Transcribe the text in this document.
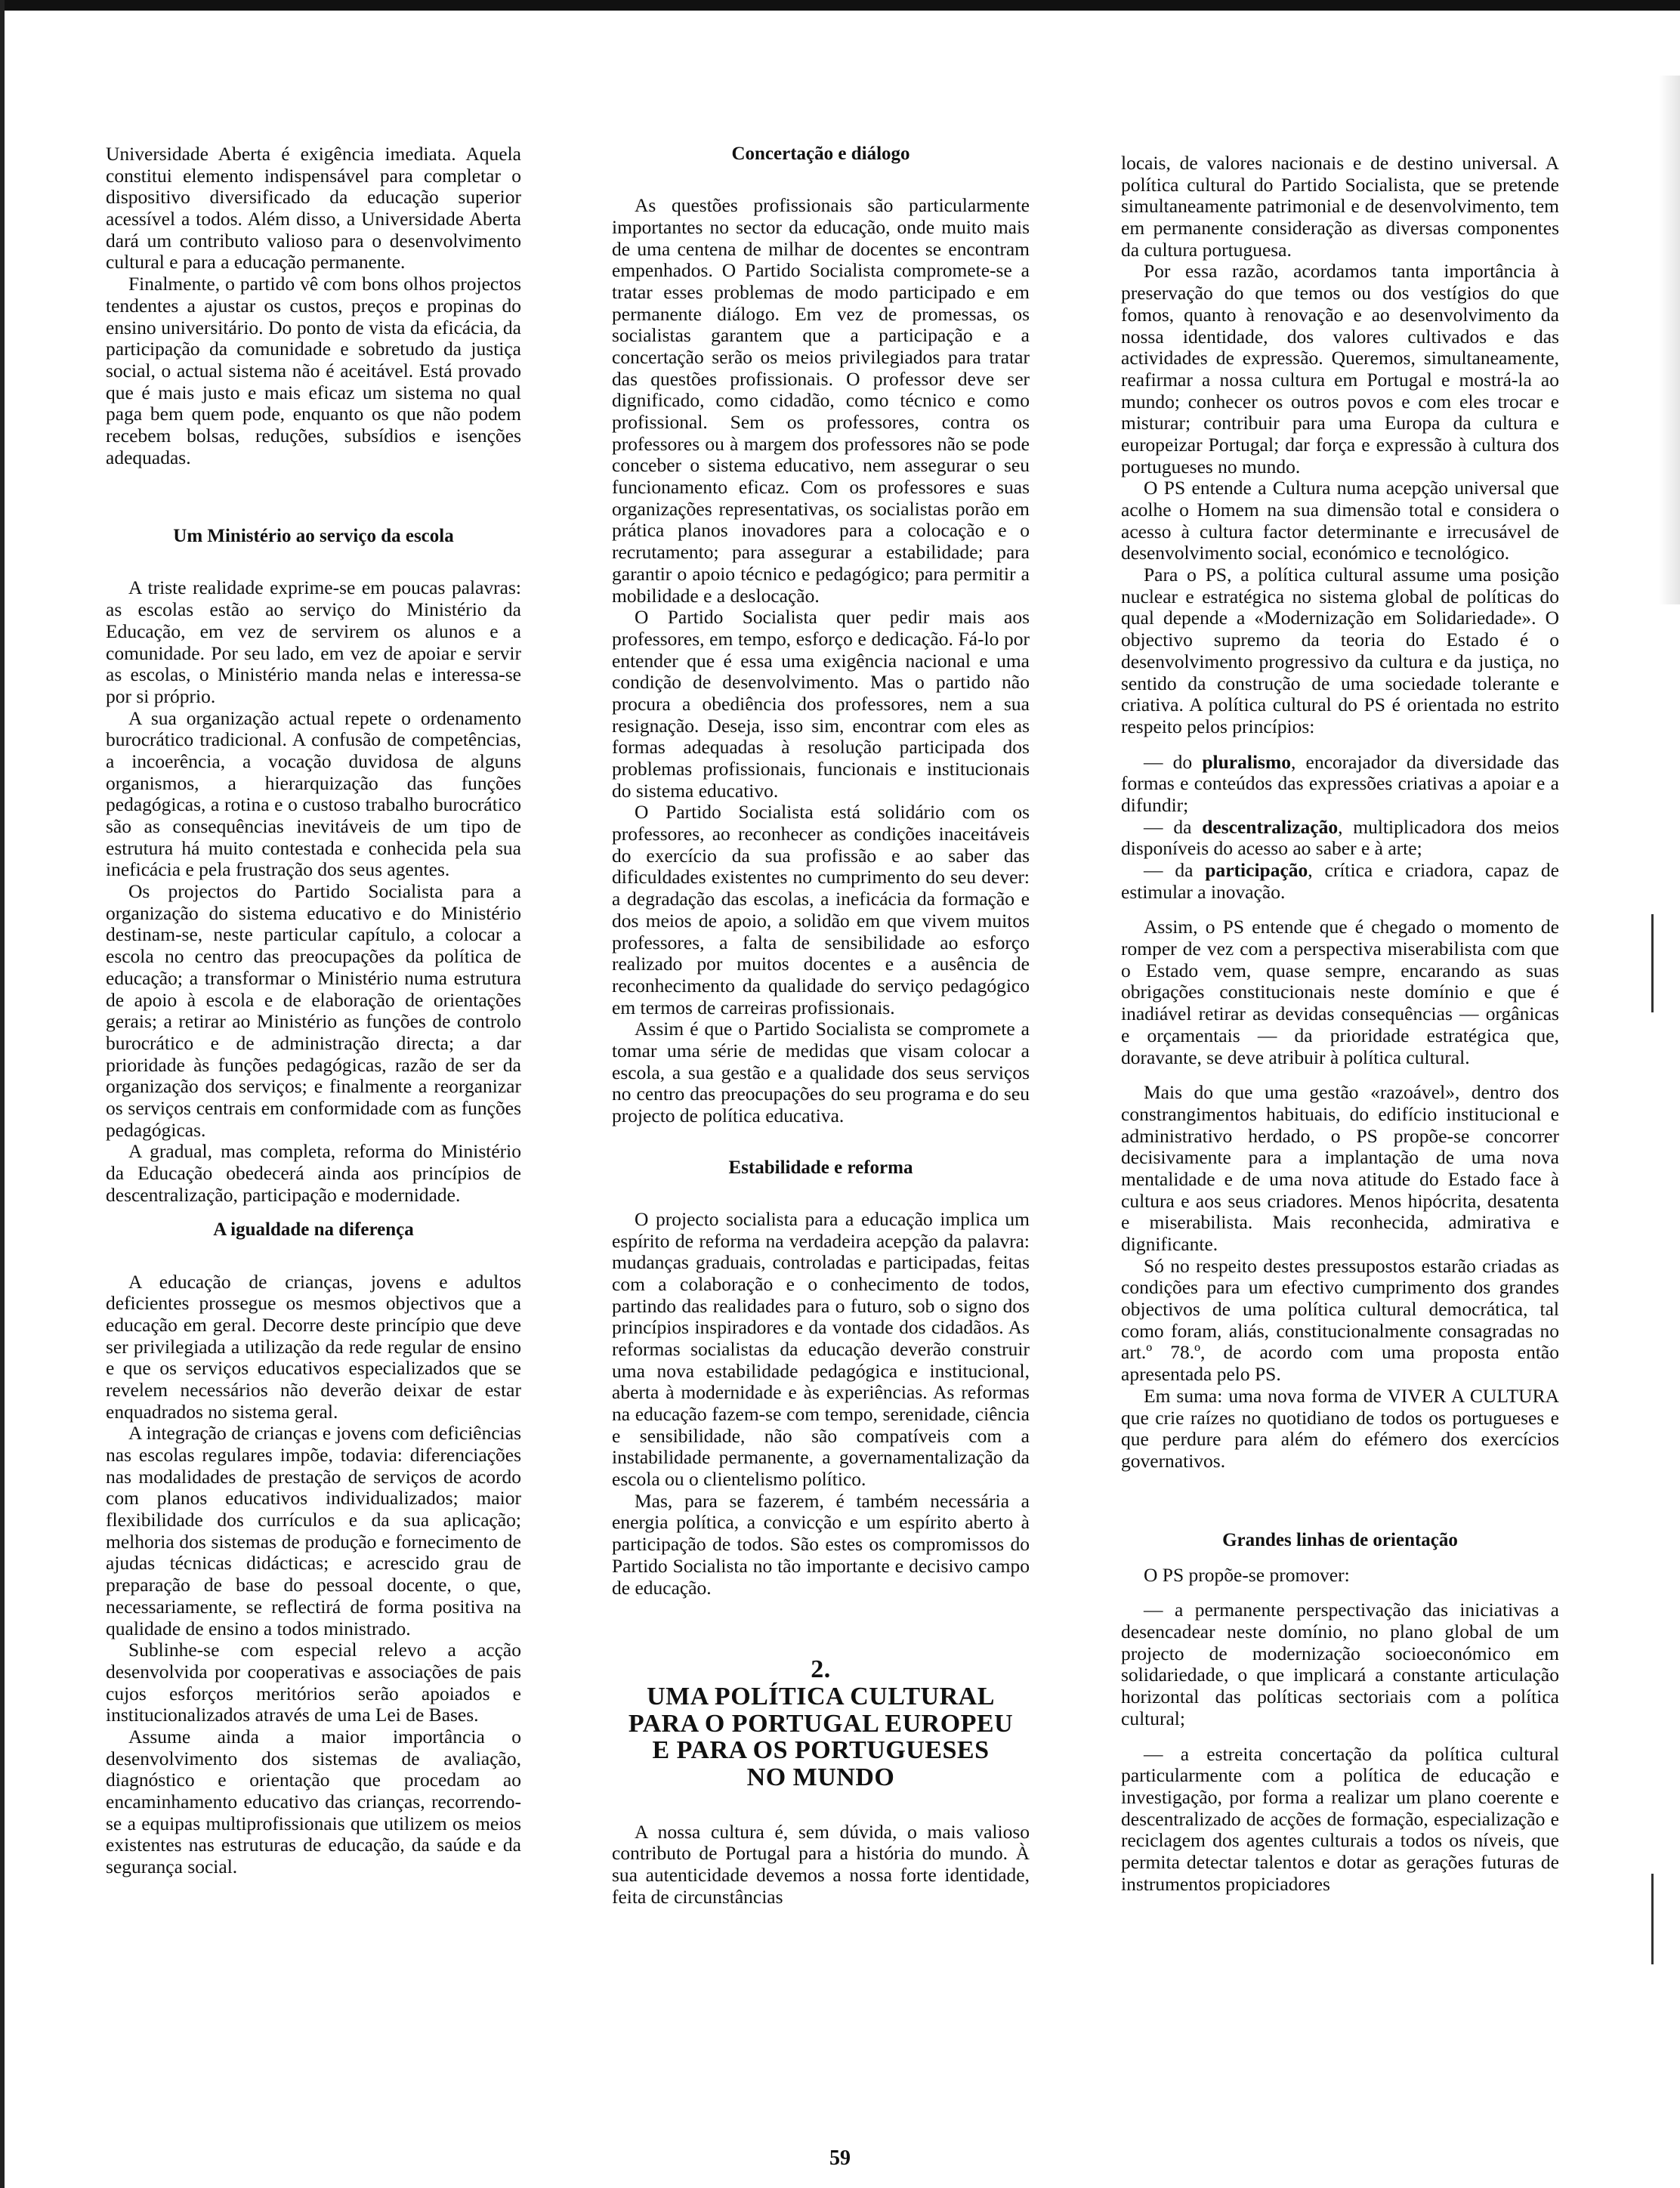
Universidade Aberta é exigência imediata. Aquela constitui elemento indispensável para completar o dispositivo diversificado da educação superior acessível a todos. Além disso, a Universidade Aberta dará um contributo valioso para o desenvolvimento cultural e para a educação permanente.

Finalmente, o partido vê com bons olhos projectos tendentes a ajustar os custos, preços e propinas do ensino universitário. Do ponto de vista da eficácia, da participação da comunidade e sobretudo da justiça social, o actual sistema não é aceitável. Está provado que é mais justo e mais eficaz um sistema no qual paga bem quem pode, enquanto os que não podem recebem bolsas, reduções, subsídios e isenções adequadas.

Um Ministério ao serviço da escola

A triste realidade exprime-se em poucas palavras: as escolas estão ao serviço do Ministério da Educação, em vez de servirem os alunos e a comunidade. Por seu lado, em vez de apoiar e servir as escolas, o Ministério manda nelas e interessa-se por si próprio.

A sua organização actual repete o ordenamento burocrático tradicional. A confusão de competências, a incoerência, a vocação duvidosa de alguns organismos, a hierarquização das funções pedagógicas, a rotina e o custoso trabalho burocrático são as consequências inevitáveis de um tipo de estrutura há muito contestada e conhecida pela sua ineficácia e pela frustração dos seus agentes.

Os projectos do Partido Socialista para a organização do sistema educativo e do Ministério destinam-se, neste particular capítulo, a colocar a escola no centro das preocupações da política de educação; a transformar o Ministério numa estrutura de apoio à escola e de elaboração de orientações gerais; a retirar ao Ministério as funções de controlo burocrático e de administração directa; a dar prioridade às funções pedagógicas, razão de ser da organização dos serviços; e finalmente a reorganizar os serviços centrais em conformidade com as funções pedagógicas.

A gradual, mas completa, reforma do Ministério da Educação obedecerá ainda aos princípios de descentralização, participação e modernidade.

A igualdade na diferença

A educação de crianças, jovens e adultos deficientes prossegue os mesmos objectivos que a educação em geral. Decorre deste princípio que deve ser privilegiada a utilização da rede regular de ensino e que os serviços educativos especializados que se revelem necessários não deverão deixar de estar enquadrados no sistema geral.

A integração de crianças e jovens com deficiências nas escolas regulares impõe, todavia: diferenciações nas modalidades de prestação de serviços de acordo com planos educativos individualizados; maior flexibilidade dos currículos e da sua aplicação; melhoria dos sistemas de produção e fornecimento de ajudas técnicas didácticas; e acrescido grau de preparação de base do pessoal docente, o que, necessariamente, se reflectirá de forma positiva na qualidade de ensino a todos ministrado.

Sublinhe-se com especial relevo a acção desenvolvida por cooperativas e associações de pais cujos esforços meritórios serão apoiados e institucionalizados através de uma Lei de Bases.

Assume ainda a maior importância o desenvolvimento dos sistemas de avaliação, diagnóstico e orientação que procedam ao encaminhamento educativo das crianças, recorrendo-se a equipas multiprofissionais que utilizem os meios existentes nas estruturas de educação, da saúde e da segurança social.

Concertação e diálogo

As questões profissionais são particularmente importantes no sector da educação, onde muito mais de uma centena de milhar de docentes se encontram empenhados. O Partido Socialista compromete-se a tratar esses problemas de modo participado e em permanente diálogo. Em vez de promessas, os socialistas garantem que a participação e a concertação serão os meios privilegiados para tratar das questões profissionais. O professor deve ser dignificado, como cidadão, como técnico e como profissional. Sem os professores, contra os professores ou à margem dos professores não se pode conceber o sistema educativo, nem assegurar o seu funcionamento eficaz. Com os professores e suas organizações representativas, os socialistas porão em prática planos inovadores para a colocação e o recrutamento; para assegurar a estabilidade; para garantir o apoio técnico e pedagógico; para permitir a mobilidade e a deslocação.

O Partido Socialista quer pedir mais aos professores, em tempo, esforço e dedicação. Fá-lo por entender que é essa uma exigência nacional e uma condição de desenvolvimento. Mas o partido não procura a obediência dos professores, nem a sua resignação. Deseja, isso sim, encontrar com eles as formas adequadas à resolução participada dos problemas profissionais, funcionais e institucionais do sistema educativo.

O Partido Socialista está solidário com os professores, ao reconhecer as condições inaceitáveis do exercício da sua profissão e ao saber das dificuldades existentes no cumprimento do seu dever: a degradação das escolas, a ineficácia da formação e dos meios de apoio, a solidão em que vivem muitos professores, a falta de sensibilidade ao esforço realizado por muitos docentes e a ausência de reconhecimento da qualidade do serviço pedagógico em termos de carreiras profissionais.

Assim é que o Partido Socialista se compromete a tomar uma série de medidas que visam colocar a escola, a sua gestão e a qualidade dos seus serviços no centro das preocupações do seu programa e do seu projecto de política educativa.

Estabilidade e reforma

O projecto socialista para a educação implica um espírito de reforma na verdadeira acepção da palavra: mudanças graduais, controladas e participadas, feitas com a colaboração e o conhecimento de todos, partindo das realidades para o futuro, sob o signo dos princípios inspiradores e da vontade dos cidadãos. As reformas socialistas da educação deverão construir uma nova estabilidade pedagógica e institucional, aberta à modernidade e às experiências. As reformas na educação fazem-se com tempo, serenidade, ciência e sensibilidade, não são compatíveis com a instabilidade permanente, a governamentalização da escola ou o clientelismo político.

Mas, para se fazerem, é também necessária a energia política, a convicção e um espírito aberto à participação de todos. São estes os compromissos do Partido Socialista no tão importante e decisivo campo de educação.

2.
UMA POLÍTICA CULTURAL
PARA O PORTUGAL EUROPEU
E PARA OS PORTUGUESES
NO MUNDO

A nossa cultura é, sem dúvida, o mais valioso contributo de Portugal para a história do mundo. À sua autenticidade devemos a nossa forte identidade, feita de circunstâncias

locais, de valores nacionais e de destino universal. A política cultural do Partido Socialista, que se pretende simultaneamente patrimonial e de desenvolvimento, tem em permanente consideração as diversas componentes da cultura portuguesa.

Por essa razão, acordamos tanta importância à preservação do que temos ou dos vestígios do que fomos, quanto à renovação e ao desenvolvimento da nossa identidade, dos valores cultivados e das actividades de expressão. Queremos, simultaneamente, reafirmar a nossa cultura em Portugal e mostrá-la ao mundo; conhecer os outros povos e com eles trocar e misturar; contribuir para uma Europa da cultura e europeizar Portugal; dar força e expressão à cultura dos portugueses no mundo.

O PS entende a Cultura numa acepção universal que acolhe o Homem na sua dimensão total e considera o acesso à cultura factor determinante e irrecusável de desenvolvimento social, económico e tecnológico.

Para o PS, a política cultural assume uma posição nuclear e estratégica no sistema global de políticas do qual depende a «Modernização em Solidariedade». O objectivo supremo da teoria do Estado é o desenvolvimento progressivo da cultura e da justiça, no sentido da construção de uma sociedade tolerante e criativa. A política cultural do PS é orientada no estrito respeito pelos princípios:

— do pluralismo, encorajador da diversidade das formas e conteúdos das expressões criativas a apoiar e a difundir;

— da descentralização, multiplicadora dos meios disponíveis do acesso ao saber e à arte;

— da participação, crítica e criadora, capaz de estimular a inovação.

Assim, o PS entende que é chegado o momento de romper de vez com a perspectiva miserabilista com que o Estado vem, quase sempre, encarando as suas obrigações constitucionais neste domínio e que é inadiável retirar as devidas consequências — orgânicas e orçamentais — da prioridade estratégica que, doravante, se deve atribuir à política cultural.

Mais do que uma gestão «razoável», dentro dos constrangimentos habituais, do edifício institucional e administrativo herdado, o PS propõe-se concorrer decisivamente para a implantação de uma nova mentalidade e de uma nova atitude do Estado face à cultura e aos seus criadores. Menos hipócrita, desatenta e miserabilista. Mais reconhecida, admirativa e dignificante.

Só no respeito destes pressupostos estarão criadas as condições para um efectivo cumprimento dos grandes objectivos de uma política cultural democrática, tal como foram, aliás, constitucionalmente consagradas no art.º 78.º, de acordo com uma proposta então apresentada pelo PS.

Em suma: uma nova forma de VIVER A CULTURA que crie raízes no quotidiano de todos os portugueses e que perdure para além do efémero dos exercícios governativos.

Grandes linhas de orientação

O PS propõe-se promover:

— a permanente perspectivação das iniciativas a desencadear neste domínio, no plano global de um projecto de modernização socioeconómico em solidariedade, o que implicará a constante articulação horizontal das políticas sectoriais com a política cultural;

— a estreita concertação da política cultural particularmente com a política de educação e investigação, por forma a realizar um plano coerente e descentralizado de acções de formação, especialização e reciclagem dos agentes culturais a todos os níveis, que permita detectar talentos e dotar as gerações futuras de instrumentos propiciadores

59
